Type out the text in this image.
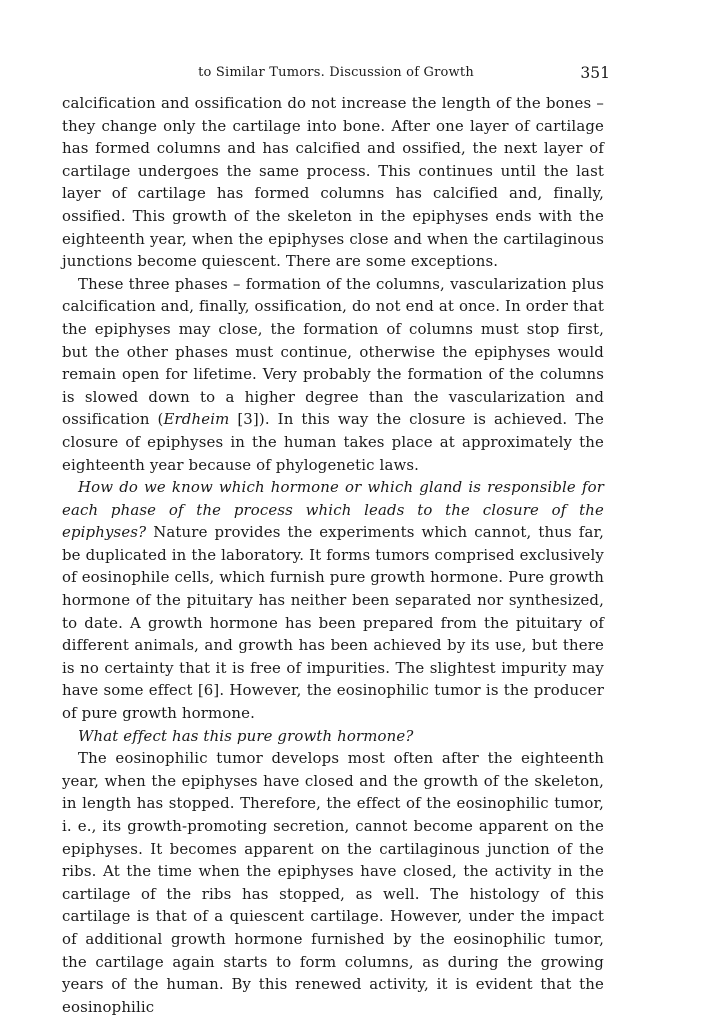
to Similar Tumors. Discussion of Growth	351

calcification and ossification do not increase the length of the bones – they change only the cartilage into bone. After one layer of cartilage has formed columns and has calcified and ossified, the next layer of cartilage undergoes the same process. This continues until the last layer of cartilage has formed columns has calcified and, finally, ossified. This growth of the skeleton in the epiphyses ends with the eighteenth year, when the epiphyses close and when the cartilaginous junctions become quiescent. There are some exceptions.

These three phases – formation of the columns, vascularization plus calcification and, finally, ossification, do not end at once. In order that the epiphyses may close, the formation of columns must stop first, but the other phases must continue, otherwise the epiphyses would remain open for lifetime. Very probably the formation of the columns is slowed down to a higher degree than the vascularization and ossification (Erdheim [3]). In this way the closure is achieved. The closure of epiphyses in the human takes place at approximately the eighteenth year because of phylogenetic laws.

How do we know which hormone or which gland is responsible for each phase of the process which leads to the closure of the epiphyses? Nature provides the experiments which cannot, thus far, be duplicated in the laboratory. It forms tumors comprised exclusively of eosinophile cells, which furnish pure growth hormone. Pure growth hormone of the pituitary has neither been separated nor synthesized, to date. A growth hormone has been prepared from the pituitary of different animals, and growth has been achieved by its use, but there is no certainty that it is free of impurities. The slightest impurity may have some effect [6]. However, the eosinophilic tumor is the producer of pure growth hormone.

What effect has this pure growth hormone?

The eosinophilic tumor develops most often after the eighteenth year, when the epiphyses have closed and the growth of the skeleton, in length has stopped. Therefore, the effect of the eosinophilic tumor, i. e., its growth-promoting secretion, cannot become apparent on the epiphyses. It becomes apparent on the cartilaginous junction of the ribs. At the time when the epiphyses have closed, the activity in the cartilage of the ribs has stopped, as well. The histology of this cartilage is that of a quiescent cartilage. However, under the impact of additional growth hormone furnished by the eosinophilic tumor, the cartilage again starts to form columns, as during the growing years of the human. By this renewed activity, it is evident that the eosinophilic
